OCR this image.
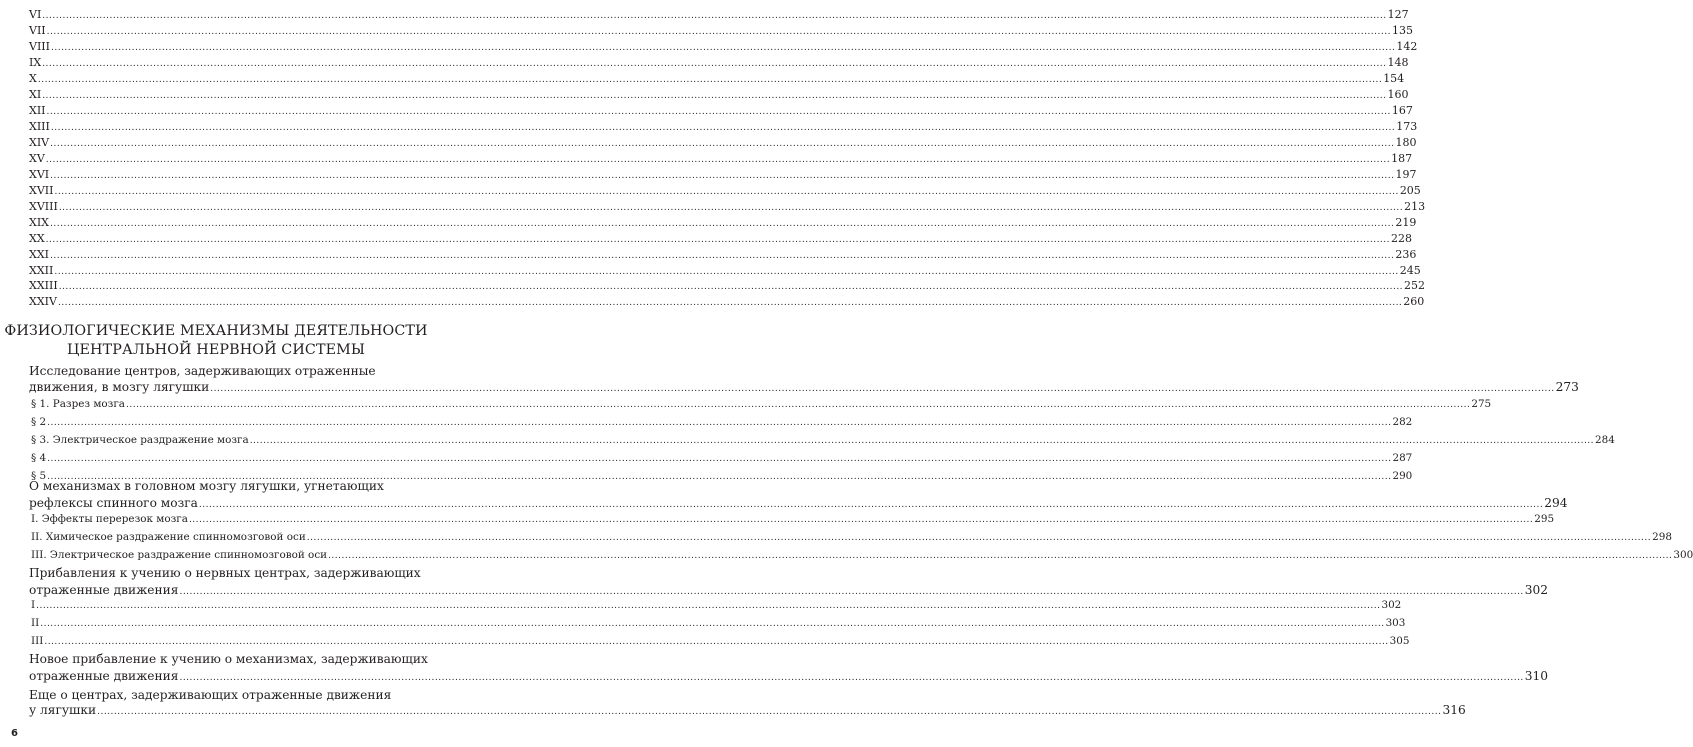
VI ................................................................................................................................................................................................................................................................................................................................................................................................................ 127
VII ................................................................................................................................................................................................................................................................................................................................................................................................................ 135
VIII ................................................................................................................................................................................................................................................................................................................................................................................................................ 142
IX ................................................................................................................................................................................................................................................................................................................................................................................................................ 148
X ................................................................................................................................................................................................................................................................................................................................................................................................................ 154
XI ................................................................................................................................................................................................................................................................................................................................................................................................................ 160
XII ................................................................................................................................................................................................................................................................................................................................................................................................................ 167
XIII ................................................................................................................................................................................................................................................................................................................................................................................................................ 173
XIV ................................................................................................................................................................................................................................................................................................................................................................................................................ 180
XV ................................................................................................................................................................................................................................................................................................................................................................................................................ 187
XVI ................................................................................................................................................................................................................................................................................................................................................................................................................ 197
XVII ................................................................................................................................................................................................................................................................................................................................................................................................................ 205
XVIII ................................................................................................................................................................................................................................................................................................................................................................................................................ 213
XIX ................................................................................................................................................................................................................................................................................................................................................................................................................ 219
XX ................................................................................................................................................................................................................................................................................................................................................................................................................ 228
XXI ................................................................................................................................................................................................................................................................................................................................................................................................................ 236
XXII ................................................................................................................................................................................................................................................................................................................................................................................................................ 245
XXIII ................................................................................................................................................................................................................................................................................................................................................................................................................ 252
XXIV ................................................................................................................................................................................................................................................................................................................................................................................................................ 260
ФИЗИОЛОГИЧЕСКИЕ МЕХАНИЗМЫ ДЕЯТЕЛЬНОСТИ
ЦЕНТРАЛЬНОЙ НЕРВНОЙ СИСТЕМЫ
Исследование центров, задерживающих отраженные
движения, в мозгу лягушки ................................................................................................................................................................................................................................................................................................................................................................................................................ 273
§ 1. Разрез мозга ................................................................................................................................................................................................................................................................................................................................................................................................................ 275
§ 2 ................................................................................................................................................................................................................................................................................................................................................................................................................ 282
§ 3. Электрическое раздражение мозга ................................................................................................................................................................................................................................................................................................................................................................................................................ 284
§ 4 ................................................................................................................................................................................................................................................................................................................................................................................................................ 287
§ 5 ................................................................................................................................................................................................................................................................................................................................................................................................................ 290
О механизмах в головном мозгу лягушки, угнетающих
рефлексы спинного мозга ................................................................................................................................................................................................................................................................................................................................................................................................................ 294
I. Эффекты перерезок мозга ................................................................................................................................................................................................................................................................................................................................................................................................................ 295
II. Химическое раздражение спинномозговой оси ................................................................................................................................................................................................................................................................................................................................................................................................................ 298
III. Электрическое раздражение спинномозговой оси ................................................................................................................................................................................................................................................................................................................................................................................................................ 300
Прибавления к учению о нервных центрах, задерживающих
отраженные движения ................................................................................................................................................................................................................................................................................................................................................................................................................ 302
I ................................................................................................................................................................................................................................................................................................................................................................................................................ 302
II ................................................................................................................................................................................................................................................................................................................................................................................................................ 303
III ................................................................................................................................................................................................................................................................................................................................................................................................................ 305
Новое прибавление к учению о механизмах, задерживающих
отраженные движения ................................................................................................................................................................................................................................................................................................................................................................................................................ 310
Еще о центрах, задерживающих отраженные движения
у лягушки ................................................................................................................................................................................................................................................................................................................................................................................................................ 316
6
